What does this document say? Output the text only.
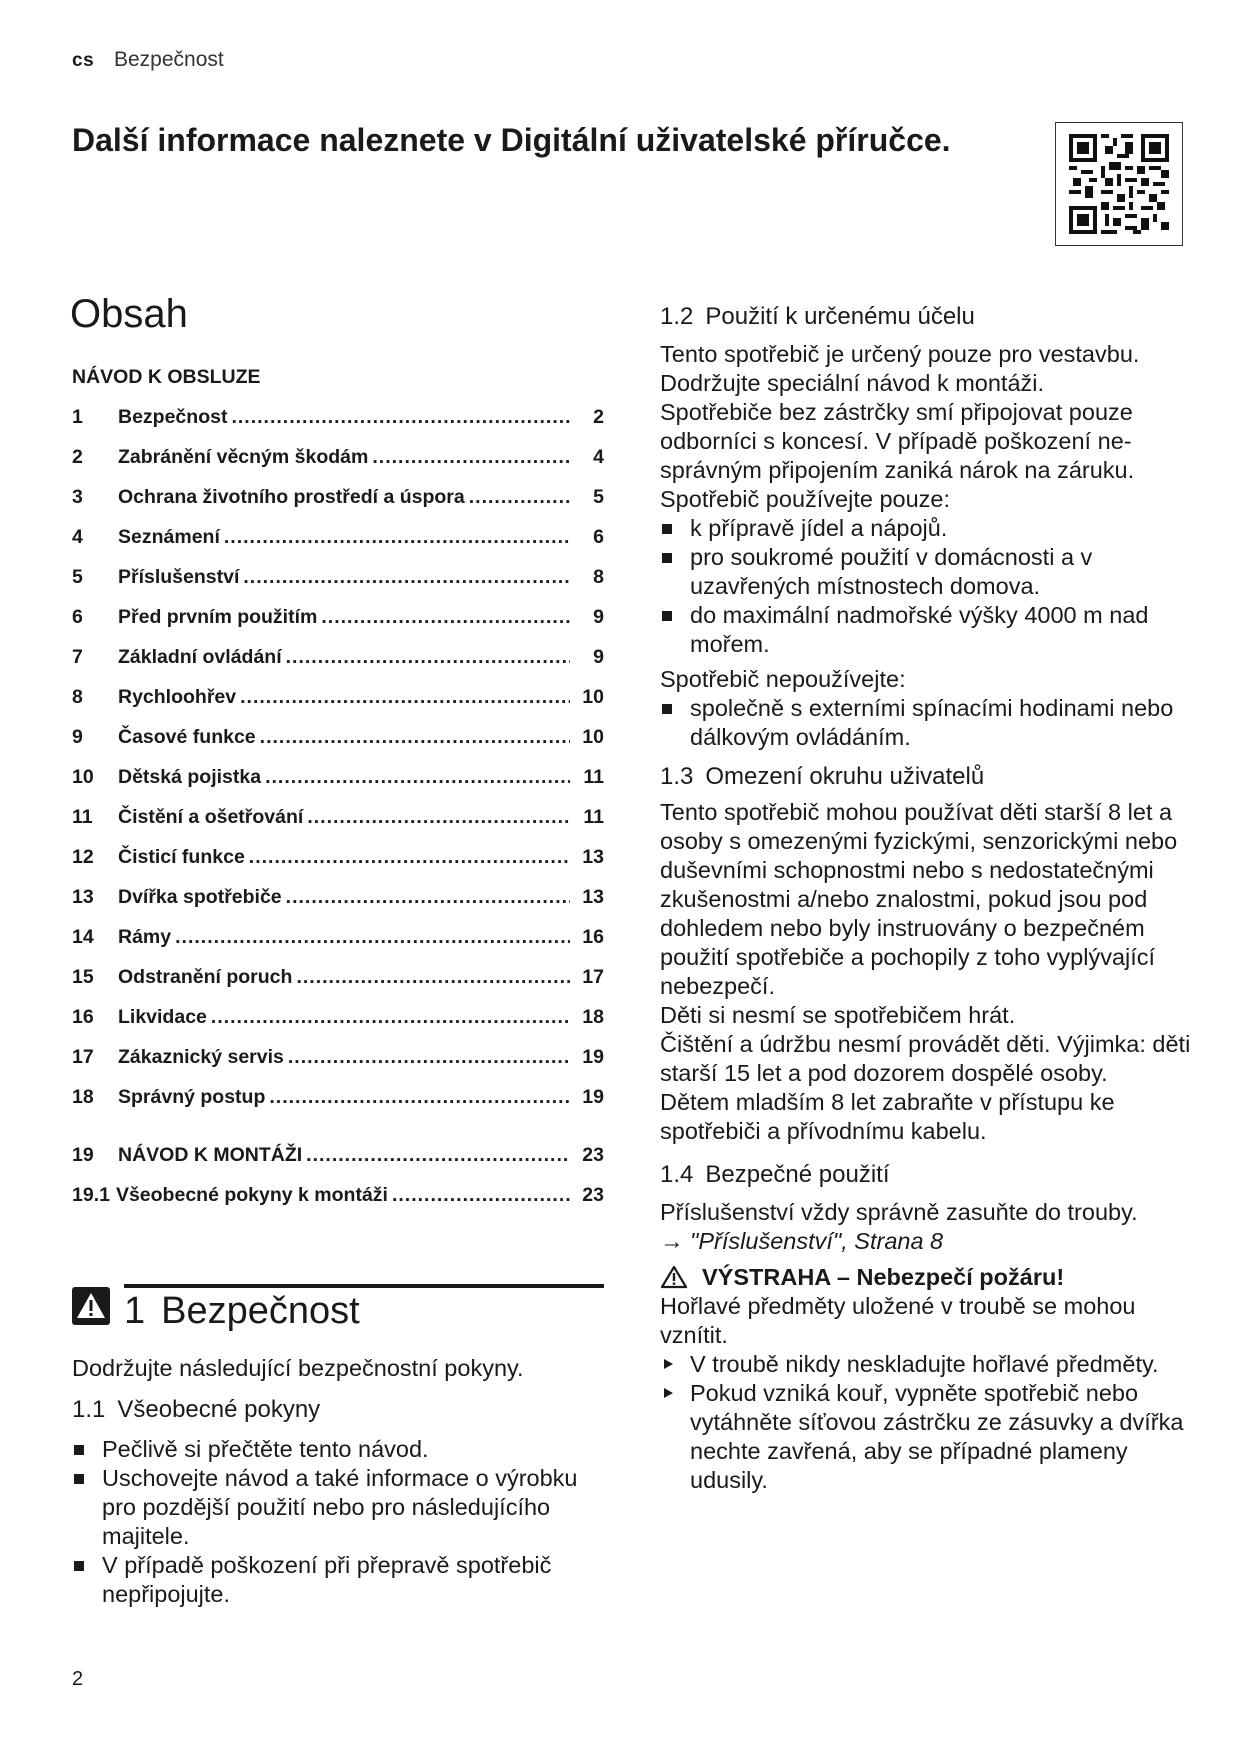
cs Bezpečnost
Další informace naleznete v Digitální uživatelské příručce.
Obsah
NÁVOD K OBSLUZE
1	Bezpečnost .....	2
2	Zabránění věcným škodám .....	4
3	Ochrana životního prostředí a úspora .....	5
4	Seznámení .....	6
5	Příslušenství .....	8
6	Před prvním použitím .....	9
7	Základní ovládání .....	9
8	Rychloohřev .....	10
9	Časové funkce .....	10
10	Dětská pojistka .....	11
11	Čistění a ošetřování .....	11
12	Čisticí funkce .....	13
13	Dvířka spotřebiče .....	13
14	Rámy .....	16
15	Odstranění poruch .....	17
16	Likvidace .....	18
17	Zákaznický servis .....	19
18	Správný postup .....	19
19	NÁVOD K MONTÁŽI .....	23
19.1 Všeobecné pokyny k montáži .....	23
1 Bezpečnost

Dodržujte následující bezpečnostní pokyny.

1.1 Všeobecné pokyny
Pečlivě si přečtěte tento návod.
Uschovejte návod a také informace o výrobku pro pozdější použití nebo pro následujícího majitele.
V případě poškození při přepravě spotřebič nepřipojujte.
1.2 Použití k určenému účelu

Tento spotřebič je určený pouze pro vestavbu. Dodržujte speciální návod k montáži.

Spotřebiče bez zástrčky smí připojovat pouze odborníci s koncesí. V případě poškození nesprávným připojením zaniká nárok na záruku.

Spotřebič používejte pouze:

k přípravě jídel a nápojů.
pro soukromé použití v domácnosti a v uzavřených místnostech domova.
do maximální nadmořské výšky 4000 m nad mořem.

Spotřebič nepoužívejte:

společně s externími spínacími hodinami nebo dálkovým ovládáním.
1.3 Omezení okruhu uživatelů

Tento spotřebič mohou používat děti starší 8 let a osoby s omezenými fyzickými, senzorickými nebo duševními schopnostmi nebo s nedostatečnými zkušenostmi a/nebo znalostmi, pokud jsou pod dohledem nebo byly instruovány o bezpečném použití spotřebiče a pochopily z toho vyplývající nebezpečí.

Děti si nesmí se spotřebičem hrát.

Čištění a údržbu nesmí provádět děti. Výjimka: děti starší 15 let a pod dozorem dospělé osoby.

Dětem mladším 8 let zabraňte v přístupu ke spotřebiči a přívodnímu kabelu.

1.4 Bezpečné použití

Příslušenství vždy správně zasuňte do trouby.

→ "Příslušenství", Strana 8
VÝSTRAHA – Nebezpečí požáru!

Hořlavé předměty uložené v troubě se mohou vznítit.

V troubě nikdy neskladujte hořlavé předměty.
Pokud vzniká kouř, vypněte spotřebič nebo vytáhněte síťovou zástrčku ze zásuvky a dvířka nechte zavřená, aby se případné plameny udusily.
2
